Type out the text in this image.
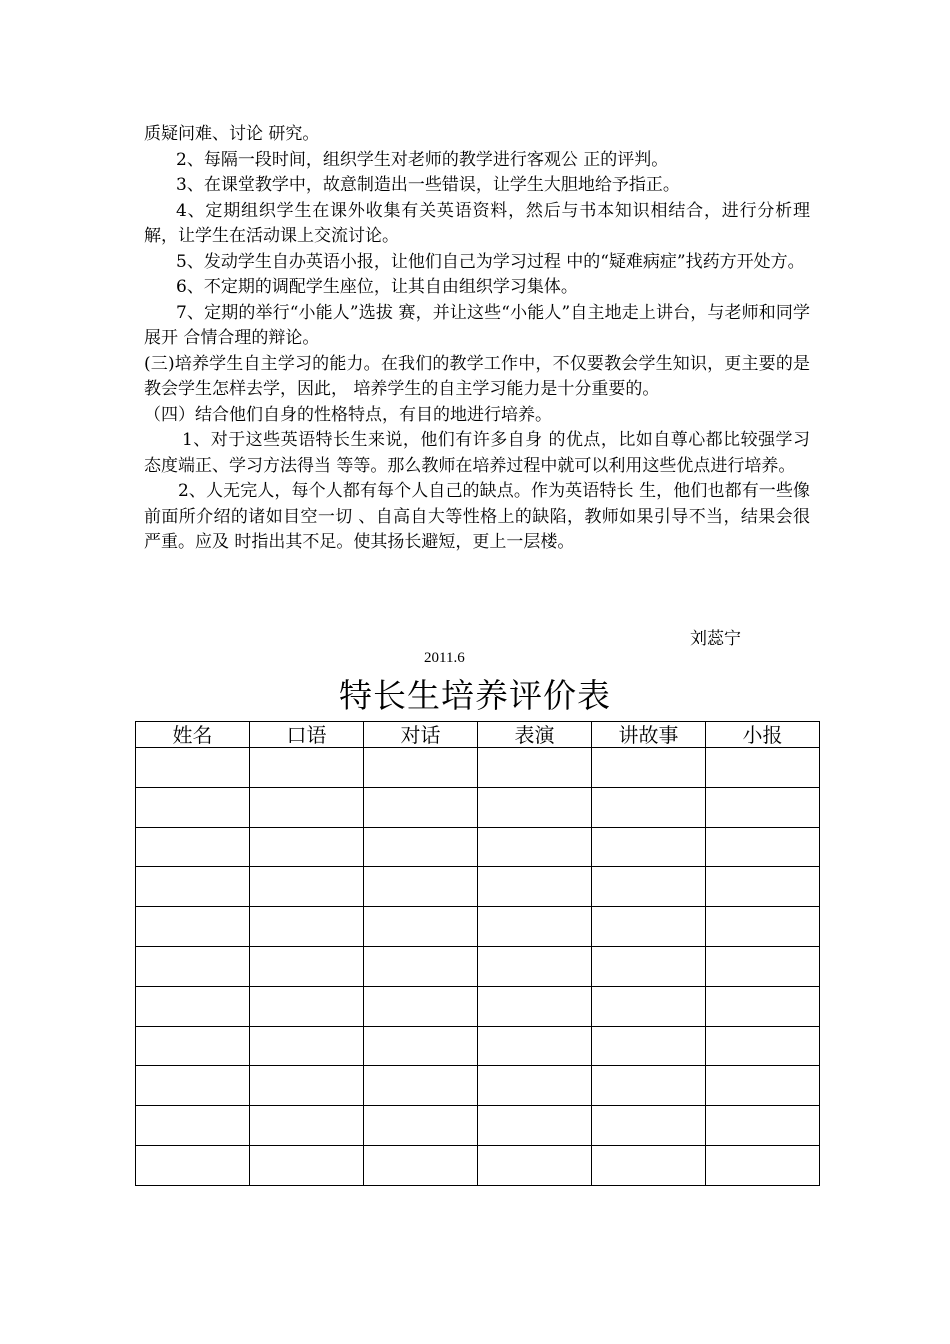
质疑问难、讨论 研究。

2、每隔一段时间，组织学生对老师的教学进行客观公 正的评判。

3、在课堂教学中，故意制造出一些错误，让学生大胆地给予指正。

4、定期组织学生在课外收集有关英语资料，然后与书本知识相结合，进行分析理解，让学生在活动课上交流讨论。

5、发动学生自办英语小报，让他们自己为学习过程 中的“疑难病症”找药方开处方。

6、不定期的调配学生座位，让其自由组织学习集体。

7、定期的举行“小能人”选拔 赛，并让这些“小能人”自主地走上讲台，与老师和同学展开 合情合理的辩论。

(三)培养学生自主学习的能力。在我们的教学工作中，不仅要教会学生知识，更主要的是教会学生怎样去学，因此， 培养学生的自主学习能力是十分重要的。

（四）结合他们自身的性格特点，有目的地进行培养。

1、对于这些英语特长生来说，他们有许多自身 的优点，比如自尊心都比较强学习态度端正、学习方法得当 等等。那么教师在培养过程中就可以利用这些优点进行培养。

2、人无完人，每个人都有每个人自己的缺点。作为英语特长 生，他们也都有一些像前面所介绍的诸如目空一切 、自高自大等性格上的缺陷，教师如果引导不当，结果会很严重。应及 时指出其不足。使其扬长避短，更上一层楼。

刘蕊宁
2011.6
特长生培养评价表
姓名	口语	对话	表演	讲故事	小报
